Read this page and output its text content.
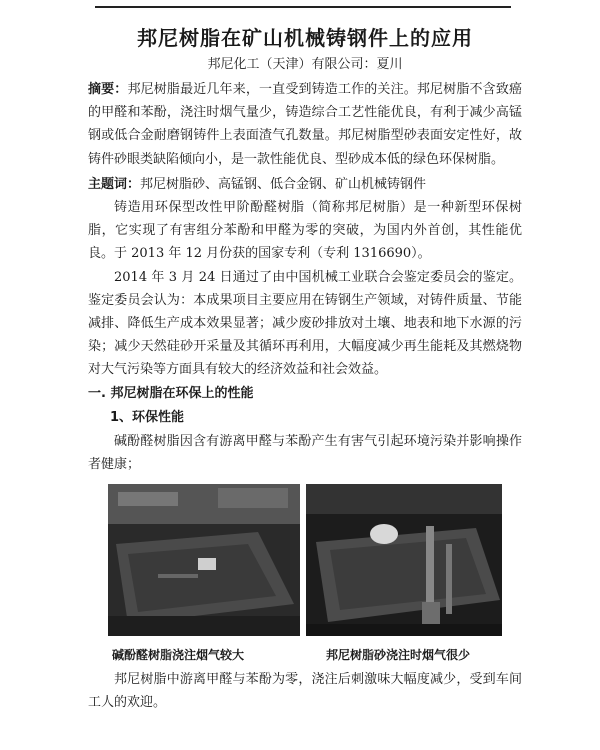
邦尼树脂在矿山机械铸钢件上的应用
邦尼化工（天津）有限公司：夏川

摘要：邦尼树脂最近几年来，一直受到铸造工作的关注。邦尼树脂不含致癌的甲醛和苯酚，浇注时烟气量少，铸造综合工艺性能优良，有利于减少高锰钢或低合金耐磨钢铸件上表面渣气孔数量。邦尼树脂型砂表面安定性好，故铸件砂眼类缺陷倾向小，是一款性能优良、型砂成本低的绿色环保树脂。

主题词：邦尼树脂砂、高锰钢、低合金钢、矿山机械铸钢件

铸造用环保型改性甲阶酚醛树脂（简称邦尼树脂）是一种新型环保树脂，它实现了有害组分苯酚和甲醛为零的突破，为国内外首创，其性能优良。于 2013 年 12 月份获的国家专利（专利 1316690）。

2014 年 3 月 24 日通过了由中国机械工业联合会鉴定委员会的鉴定。鉴定委员会认为：本成果项目主要应用在铸钢生产领域，对铸件质量、节能减排、降低生产成本效果显著；减少废砂排放对土壤、地表和地下水源的污染；减少天然硅砂开采量及其循环再利用，大幅度减少再生能耗及其燃烧物对大气污染等方面具有较大的经济效益和社会效益。

一. 邦尼树脂在环保上的性能
1、环保性能

碱酚醛树脂因含有游离甲醛与苯酚产生有害气引起环境污染并影响操作者健康；

碱酚醛树脂浇注烟气较大	邦尼树脂砂浇注时烟气很少

邦尼树脂中游离甲醛与苯酚为零，浇注后刺激味大幅度减少，受到车间工人的欢迎。
